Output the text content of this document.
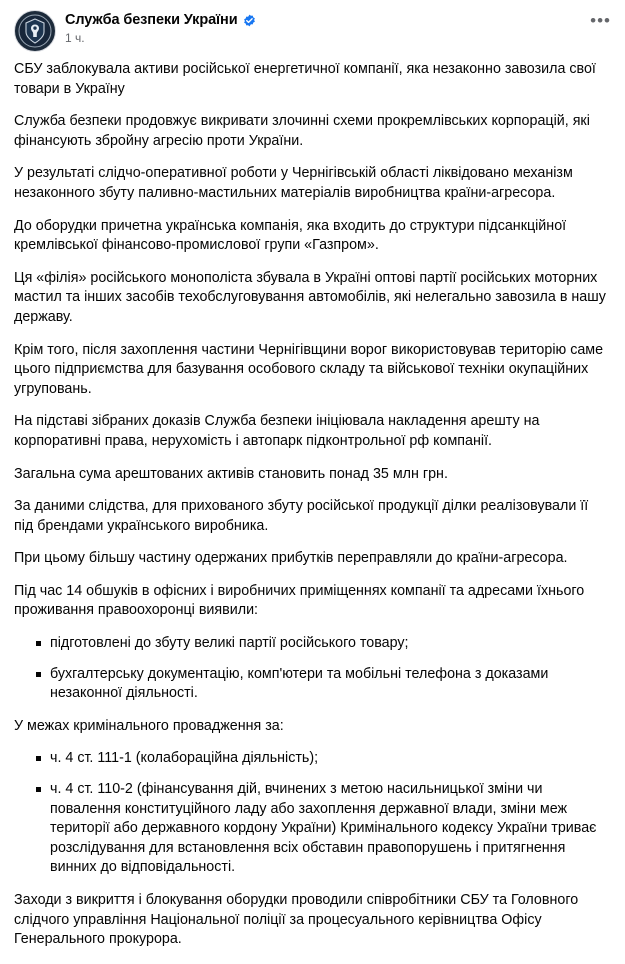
Служба безпеки України
1 ч.
•••

СБУ заблокувала активи російської енергетичної компанії, яка незаконно завозила свої товари в Україну

Служба безпеки продовжує викривати злочинні схеми прокремлівських корпорацій, які фінансують збройну агресію проти України.

У результаті слідчо-оперативної роботи у Чернігівській області ліквідовано механізм незаконного збуту паливно-мастильних матеріалів виробництва країни-агресора.

До оборудки причетна українська компанія, яка входить до структури підсанкційної кремлівської фінансово-промислової групи «Газпром».

Ця «філія» російського монополіста збувала в Україні оптові партії російських моторних мастил та інших засобів техобслуговування автомобілів, які нелегально завозила в нашу державу.

Крім того, після захоплення частини Чернігівщини ворог використовував територію саме цього підприємства для базування особового складу та військової техніки окупаційних угруповань.

На підставі зібраних доказів Служба безпеки ініціювала накладення арешту на корпоративні права, нерухомість і автопарк підконтрольної рф компанії.

Загальна сума арештованих активів становить понад 35 млн грн.

За даними слідства, для прихованого збуту російської продукції ділки реалізовували її під брендами українського виробника.

При цьому більшу частину одержаних прибутків переправляли до країни-агресора.

Під час 14 обшуків в офісних і виробничих приміщеннях компанії та адресами їхнього проживання правоохоронці виявили:

підготовлені до збуту великі партії російського товару;
бухгалтерську документацію, комп'ютери та мобільні телефона з доказами незаконної діяльності.

У межах кримінального провадження за:

ч. 4 ст. 111-1 (колабораційна діяльність);
ч. 4 ст. 110-2 (фінансування дій, вчинених з метою насильницької зміни чи повалення конституційного ладу або захоплення державної влади, зміни меж території або державного кордону України) Кримінального кодексу України триває розслідування для встановлення всіх обставин правопорушень і притягнення винних до відповідальності.

Заходи з викриття і блокування оборудки проводили співробітники СБУ та Головного слідчого управління Національної поліції за процесуального керівництва Офісу Генерального прокурора.
